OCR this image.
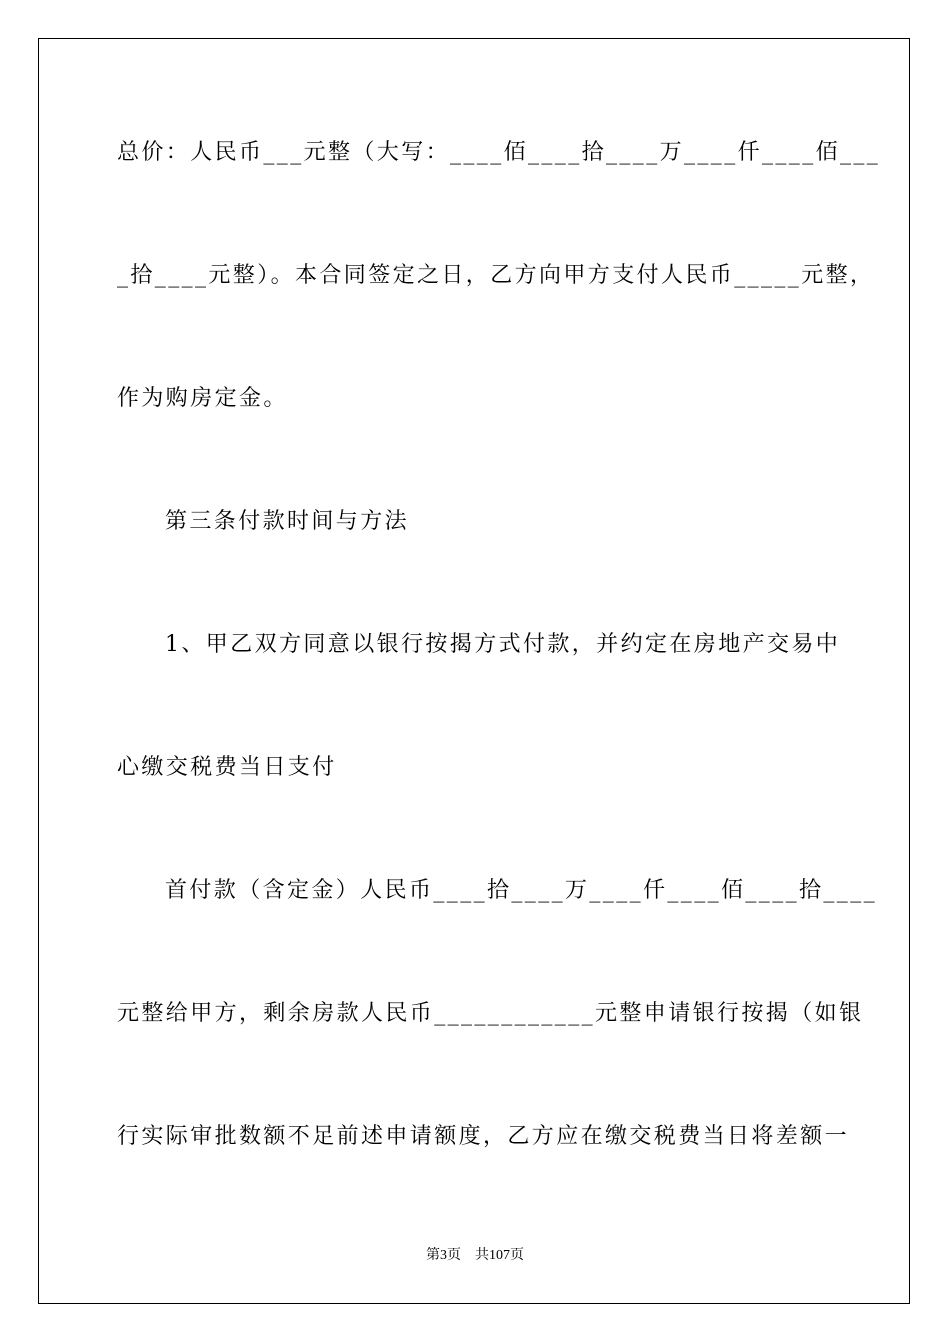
总价：人民币___元整（大写：____佰____拾____万____仟____佰___
_拾____元整）。本合同签定之日，乙方向甲方支付人民币_____元整，
作为购房定金。
第三条付款时间与方法
1、甲乙双方同意以银行按揭方式付款，并约定在房地产交易中
心缴交税费当日支付
首付款（含定金）人民币____拾____万____仟____佰____拾____
元整给甲方，剩余房款人民币____________元整申请银行按揭（如银
行实际审批数额不足前述申请额度，乙方应在缴交税费当日将差额一
第3页　共107页
